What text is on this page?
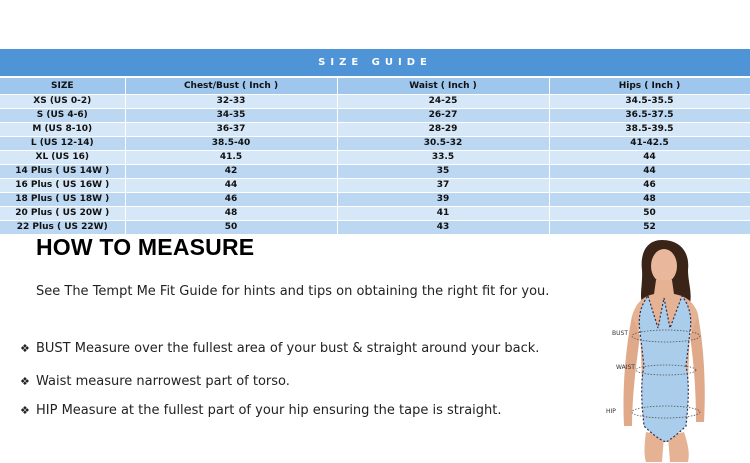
SIZE GUIDE
SIZE	Chest/Bust ( Inch )	Waist ( Inch )	Hips ( Inch )
XS (US 0-2)	32-33	24-25	34.5-35.5
S (US 4-6)	34-35	26-27	36.5-37.5
M (US 8-10)	36-37	28-29	38.5-39.5
L (US 12-14)	38.5-40	30.5-32	41-42.5
XL (US 16)	41.5	33.5	44
14 Plus ( US 14W )	42	35	44
16 Plus ( US 16W )	44	37	46
18 Plus ( US 18W )	46	39	48
20 Plus ( US 20W )	48	41	50
22 Plus ( US 22W)	50	43	52
HOW TO MEASURE
See The Tempt Me Fit Guide for hints and tips on obtaining the right fit for you.
❖ BUST Measure over the fullest area of your bust & straight around your back.
❖ Waist measure narrowest part of torso.
❖ HIP Measure at the fullest part of your hip ensuring the tape is straight.
BUST
WAIST
HIP
